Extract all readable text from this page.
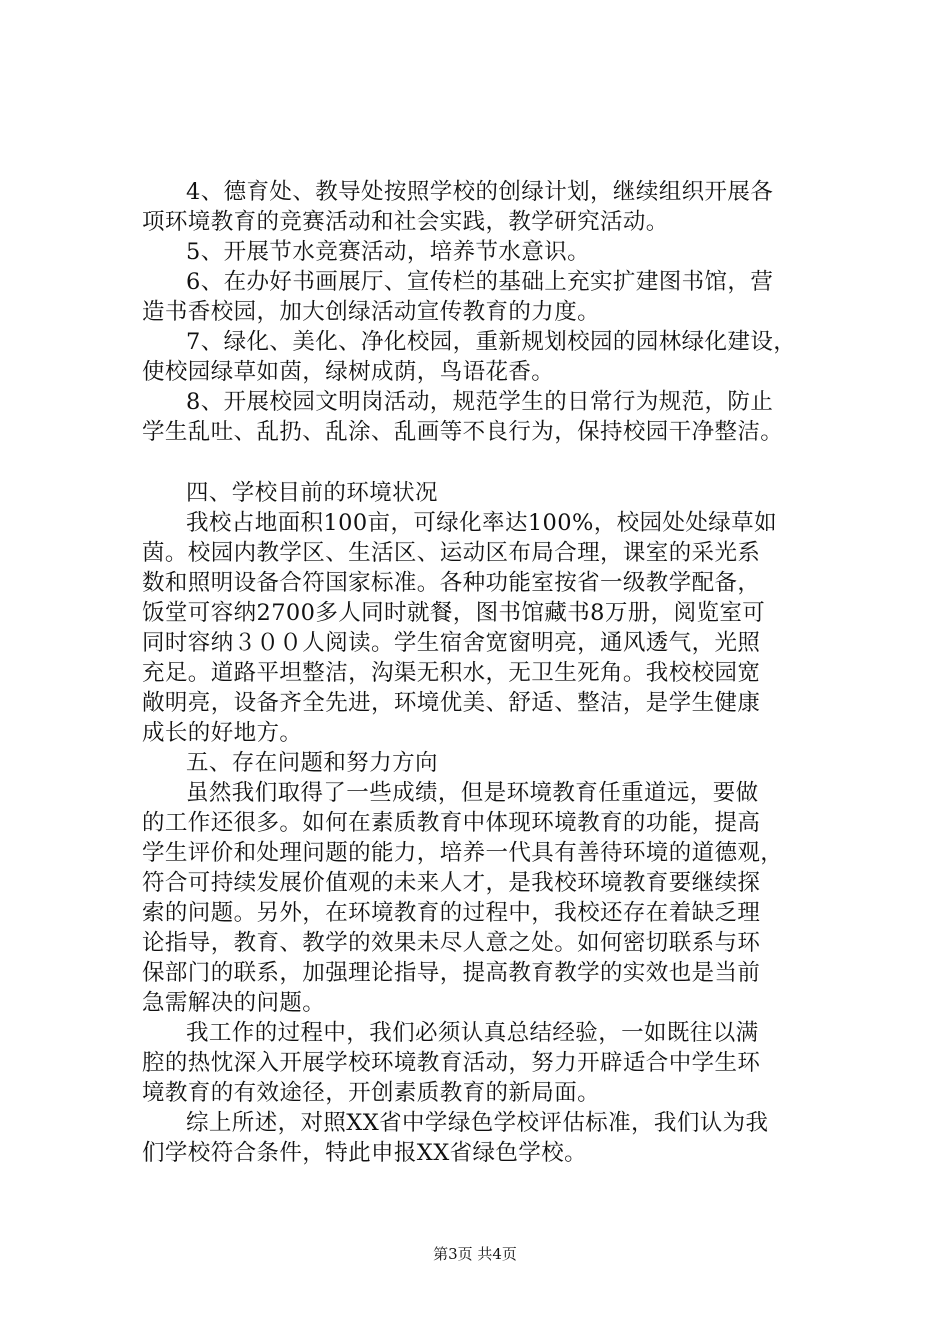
4、德育处、教导处按照学校的创绿计划，继续组织开展各
项环境教育的竞赛活动和社会实践，教学研究活动。
5、开展节水竞赛活动，培养节水意识。
6、在办好书画展厅、宣传栏的基础上充实扩建图书馆，营
造书香校园，加大创绿活动宣传教育的力度。
7、绿化、美化、净化校园，重新规划校园的园林绿化建设，
使校园绿草如茵，绿树成荫，鸟语花香。
8、开展校园文明岗活动，规范学生的日常行为规范，防止
学生乱吐、乱扔、乱涂、乱画等不良行为，保持校园干净整洁。
四、学校目前的环境状况
我校占地面积100亩，可绿化率达100%，校园处处绿草如
茵。校园内教学区、生活区、运动区布局合理，课室的采光系
数和照明设备合符国家标准。各种功能室按省一级教学配备，
饭堂可容纳2700多人同时就餐，图书馆藏书8万册，阅览室可
同时容纳３００人阅读。学生宿舍宽窗明亮，通风透气，光照
充足。道路平坦整洁，沟渠无积水，无卫生死角。我校校园宽
敞明亮，设备齐全先进，环境优美、舒适、整洁，是学生健康
成长的好地方。
五、存在问题和努力方向
虽然我们取得了一些成绩，但是环境教育任重道远，要做
的工作还很多。如何在素质教育中体现环境教育的功能，提高
学生评价和处理问题的能力，培养一代具有善待环境的道德观，
符合可持续发展价值观的未来人才，是我校环境教育要继续探
索的问题。另外，在环境教育的过程中，我校还存在着缺乏理
论指导，教育、教学的效果未尽人意之处。如何密切联系与环
保部门的联系，加强理论指导，提高教育教学的实效也是当前
急需解决的问题。
我工作的过程中，我们必须认真总结经验，一如既往以满
腔的热忱深入开展学校环境教育活动，努力开辟适合中学生环
境教育的有效途径，开创素质教育的新局面。
综上所述，对照XX省中学绿色学校评估标准，我们认为我
们学校符合条件，特此申报XX省绿色学校。
第3页 共4页
